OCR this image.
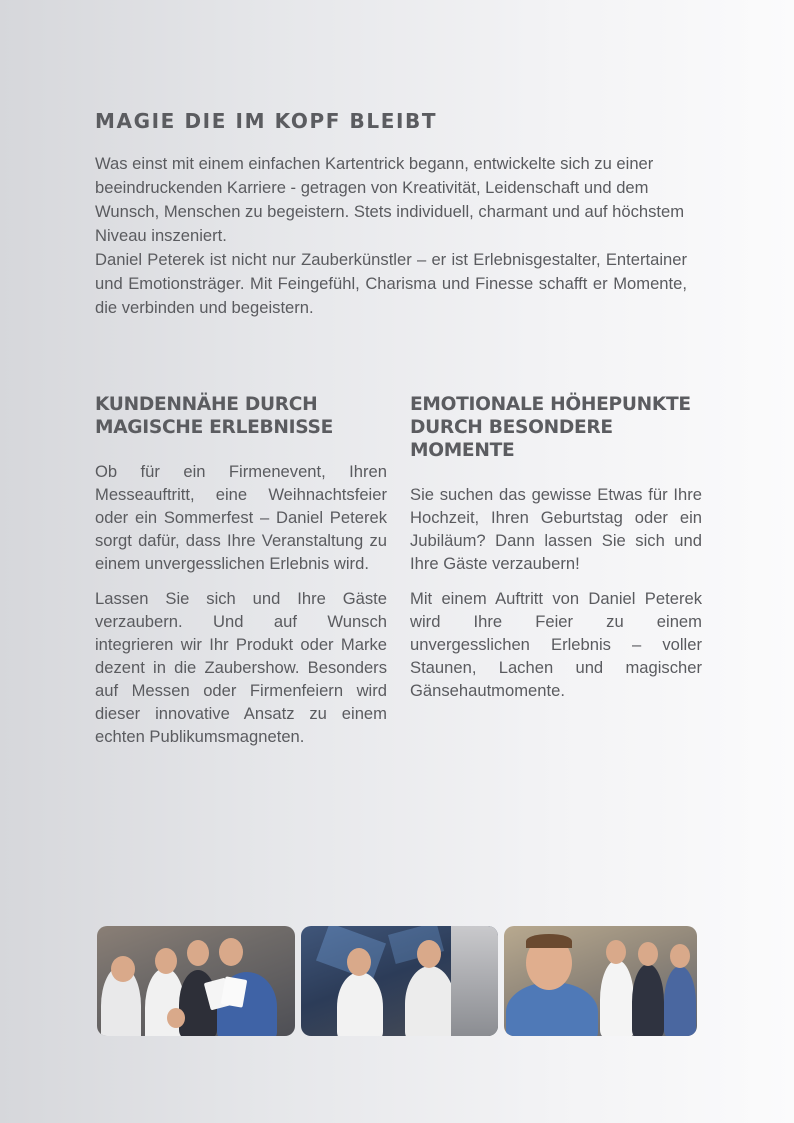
MAGIE DIE IM KOPF BLEIBT

Was einst mit einem einfachen Kartentrick begann, entwickelte sich zu einer beeindruckenden Karriere - getragen von Kreativität, Leidenschaft und dem Wunsch, Menschen zu begeistern. Stets individuell, charmant und auf höchstem Niveau inszeniert.

Daniel Peterek ist nicht nur Zauberkünstler – er ist Erlebnisgestalter, Entertainer und Emotionsträger. Mit Feingefühl, Charisma und Finesse schafft er Momente, die verbinden und begeistern.

KUNDENNÄHE DURCH
MAGISCHE ERLEBNISSE

Ob für ein Firmenevent, Ihren Messeauftritt, eine Weihnachtsfeier oder ein Sommerfest – Daniel Peterek sorgt dafür, dass Ihre Veranstaltung zu einem unvergesslichen Erlebnis wird.

Lassen Sie sich und Ihre Gäste verzaubern. Und auf Wunsch integrieren wir Ihr Produkt oder Marke dezent in die Zaubershow. Besonders auf Messen oder Firmenfeiern wird dieser innovative Ansatz zu einem echten Publikumsmagneten.

EMOTIONALE HÖHEPUNKTE
DURCH BESONDERE MOMENTE

Sie suchen das gewisse Etwas für Ihre Hochzeit, Ihren Geburtstag oder ein Jubiläum? Dann lassen Sie sich und Ihre Gäste verzaubern!

Mit einem Auftritt von Daniel Peterek wird Ihre Feier zu einem unvergesslichen Erlebnis – voller Staunen, Lachen und magischer Gänsehautmomente.
